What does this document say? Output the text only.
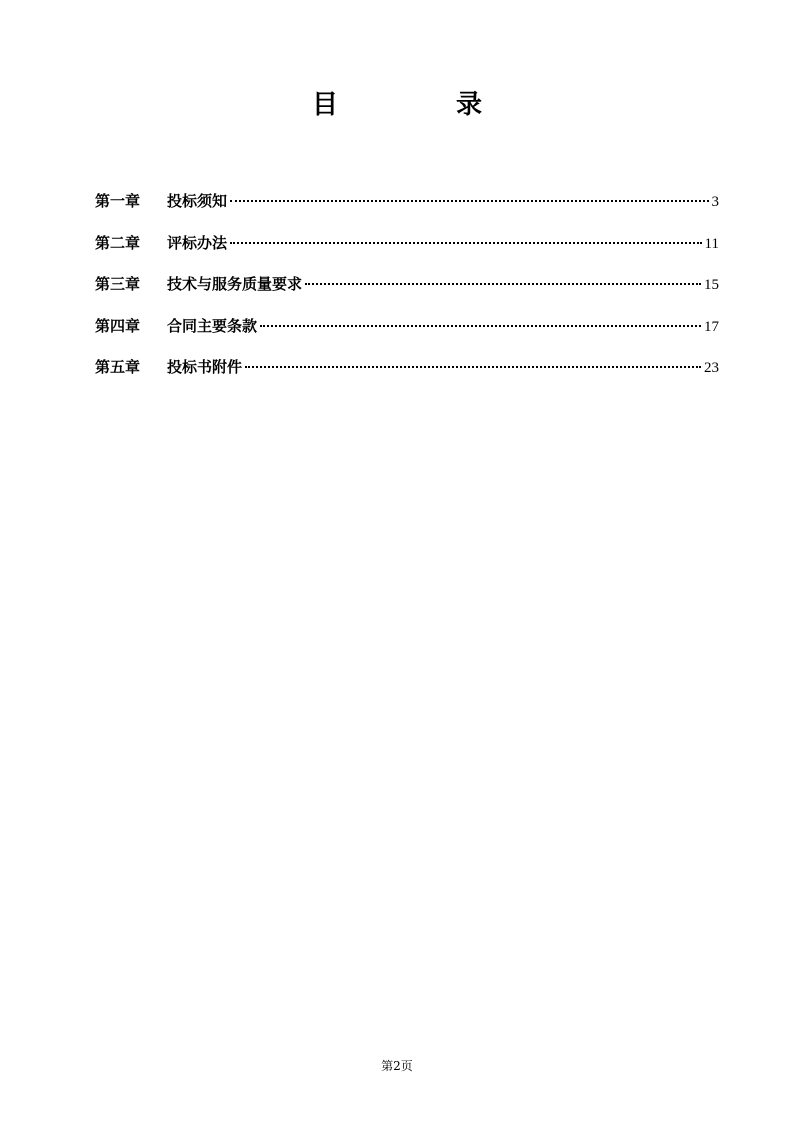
目　录
第一章	投标须知	3
第二章	评标办法	11
第三章	技术与服务质量要求	15
第四章	合同主要条款	17
第五章	投标书附件	23
第2页
